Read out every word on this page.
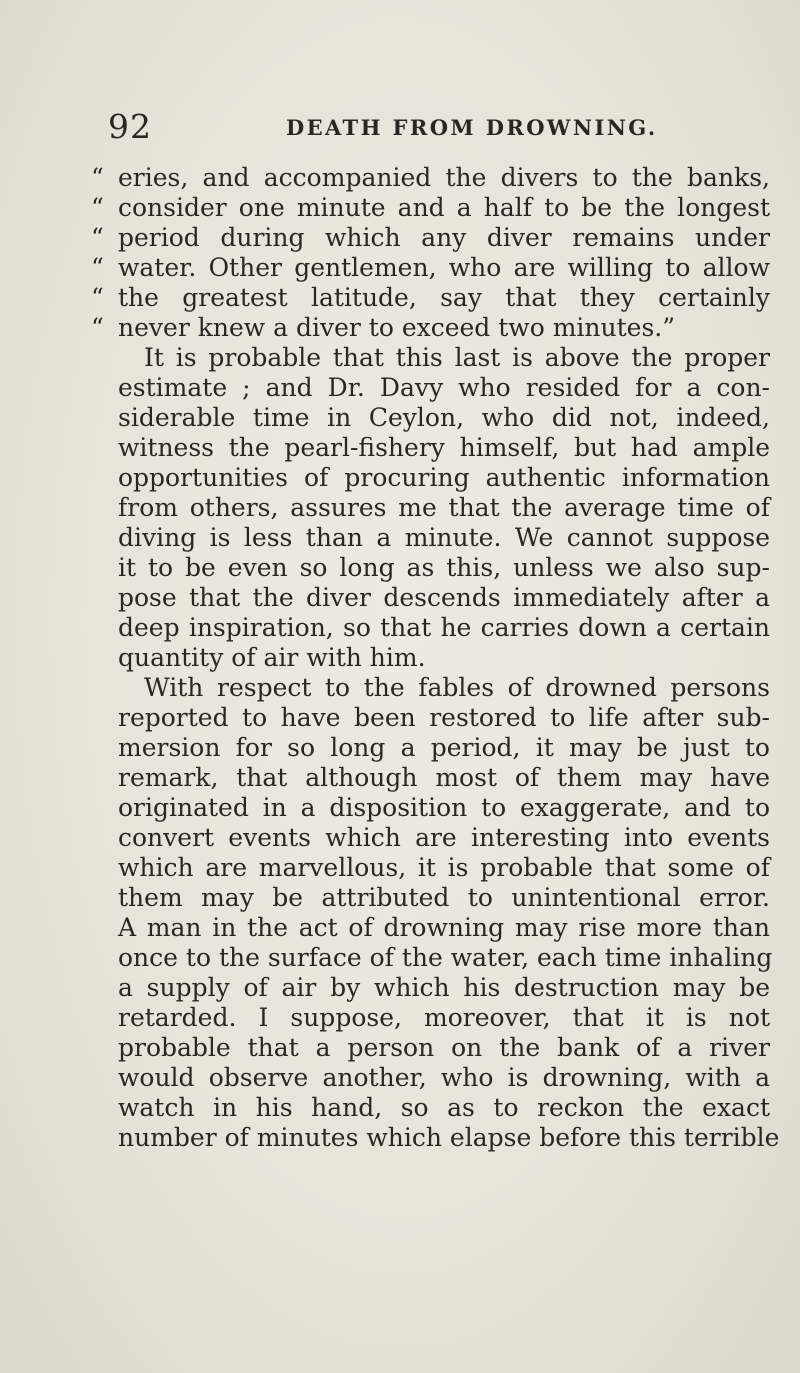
92	DEATH FROM DROWNING.
“ eries, and accompanied the divers to the banks,
“ consider one minute and a half to be the longest
“ period during which any diver remains under
“ water. Other gentlemen, who are willing to allow
“ the greatest latitude, say that they certainly
“ never knew a diver to exceed two minutes.”
It is probable that this last is above the proper
estimate ; and Dr. Davy who resided for a con-
siderable time in Ceylon, who did not, indeed,
witness the pearl-fishery himself, but had ample
opportunities of procuring authentic information
from others, assures me that the average time of
diving is less than a minute. We cannot suppose
it to be even so long as this, unless we also sup-
pose that the diver descends immediately after a
deep inspiration, so that he carries down a certain
quantity of air with him.
With respect to the fables of drowned persons
reported to have been restored to life after sub-
mersion for so long a period, it may be just to
remark, that although most of them may have
originated in a disposition to exaggerate, and to
convert events which are interesting into events
which are marvellous, it is probable that some of
them may be attributed to unintentional error.
A man in the act of drowning may rise more than
once to the surface of the water, each time inhaling
a supply of air by which his destruction may be
retarded. I suppose, moreover, that it is not
probable that a person on the bank of a river
would observe another, who is drowning, with a
watch in his hand, so as to reckon the exact
number of minutes which elapse before this terrible
